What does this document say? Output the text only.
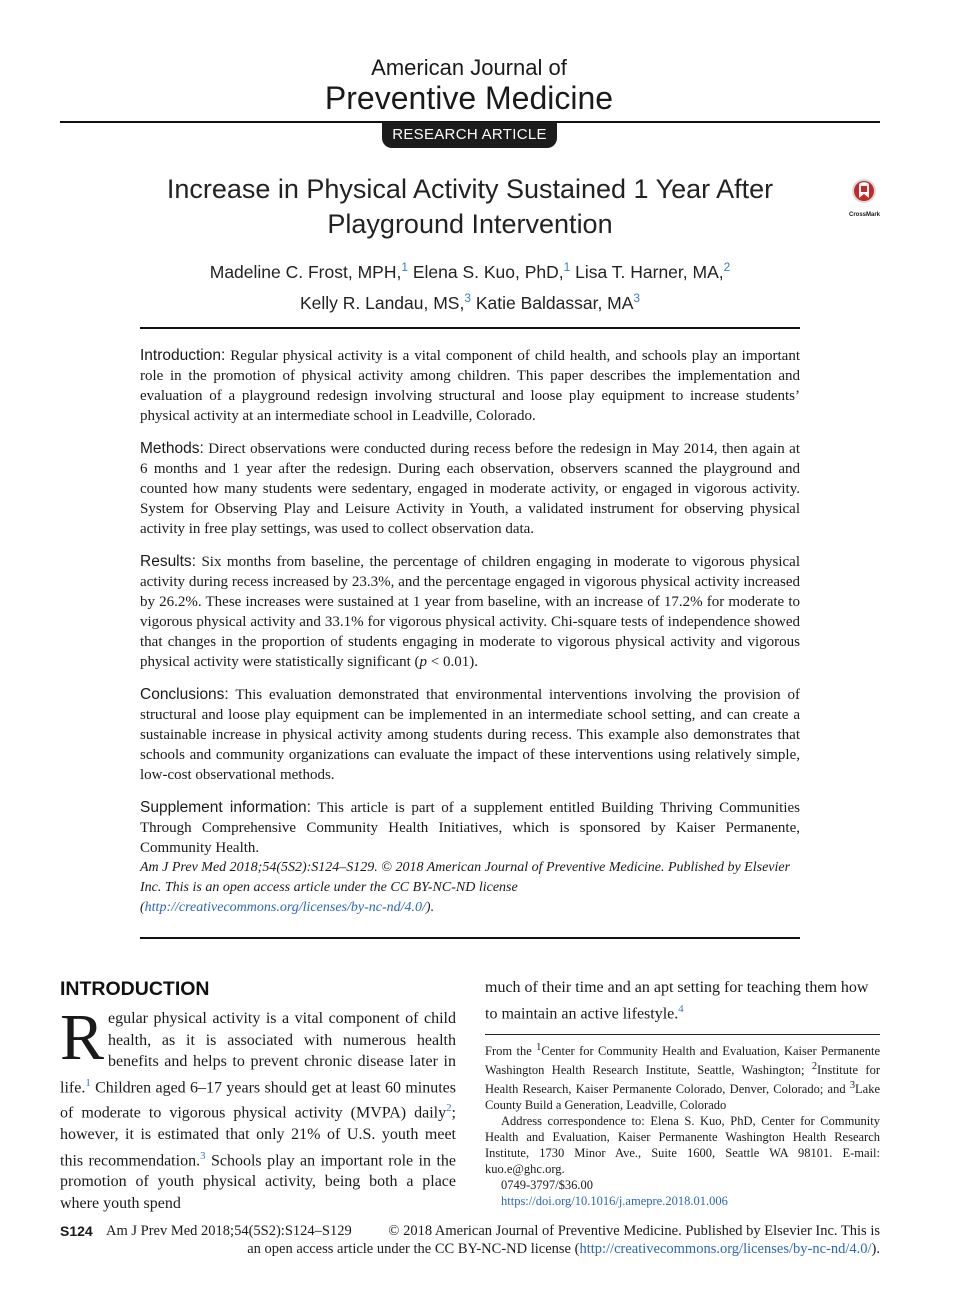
American Journal of
Preventive Medicine
RESEARCH ARTICLE
Increase in Physical Activity Sustained 1 Year After Playground Intervention	CrossMark
Madeline C. Frost, MPH,$^1$ Elena S. Kuo, PhD,$^1$ Lisa T. Harner, MA,$^2$
Kelly R. Landau, MS,$^3$ Katie Baldassar, $MA^3$

Introduction: Regular physical activity is a vital component of child health, and schools play an important role in the promotion of physical activity among children. This paper describes the implementation and evaluation of a playground redesign involving structural and loose play equipment to increase students’ physical activity at an intermediate school in Leadville, Colorado.

Methods: Direct observations were conducted during recess before the redesign in May 2014, then again at 6 months and 1 year after the redesign. During each observation, observers scanned the playground and counted how many students were sedentary, engaged in moderate activity, or engaged in vigorous activity. System for Observing Play and Leisure Activity in Youth, a validated instrument for observing physical activity in free play settings, was used to collect observation data.

Results: Six months from baseline, the percentage of children engaging in moderate to vigorous physical activity during recess increased by 23.3%, and the percentage engaged in vigorous physical activity increased by 26.2%. These increases were sustained at 1 year from baseline, with an increase of 17.2% for moderate to vigorous physical activity and 33.1% for vigorous physical activity. Chi-square tests of independence showed that changes in the proportion of students engaging in moderate to vigorous physical activity and vigorous physical activity were statistically significant (p < 0.01).

Conclusions: This evaluation demonstrated that environmental interventions involving the provision of structural and loose play equipment can be implemented in an intermediate school setting, and can create a sustainable increase in physical activity among students during recess. This example also demonstrates that schools and community organizations can evaluate the impact of these interventions using relatively simple, low-cost observational methods.

Supplement information: This article is part of a supplement entitled Building Thriving Communities Through Comprehensive Community Health Initiatives, which is sponsored by Kaiser Permanente, Community Health.

Am J Prev Med 2018;54(5S2):S124–S129. © 2018 American Journal of Preventive Medicine. Published by Elsevier Inc. This is an open access article under the CC BY-NC-ND license
(http://creativecommons.org/licenses/by-nc-nd/4.0/).

INTRODUCTION
Regular physical activity is a vital component of child health, as it is associated with numerous health benefits and helps to prevent chronic disease later in life.$^1$ Children aged 6–17 years should get at least 60 minutes of moderate to vigorous physical activity (MVPA) daily$^2$; however, it is estimated that only 21% of U.S. youth meet this recommendation.$^3$ Schools play an important role in the promotion of youth physical activity, being both a place where youth spend
much of their time and an apt setting for teaching them how to maintain an active lifestyle.$^4$

From the $^1$Center for Community Health and Evaluation, Kaiser Permanente Washington Health Research Institute, Seattle, Washington; $^2$Institute for Health Research, Kaiser Permanente Colorado, Denver, Colorado; and $^3$Lake County Build a Generation, Leadville, Colorado

Address correspondence to: Elena S. Kuo, PhD, Center for Community Health and Evaluation, Kaiser Permanente Washington Health Research Institute, 1730 Minor Ave., Suite 1600, Seattle WA 98101. E-mail: kuo.e@ghc.org.

0749-3797/$36.00

https://doi.org/10.1016/j.amepre.2018.01.006

S124 Am J Prev Med 2018;54(5S2):S124–S129	© 2018 American Journal of Preventive Medicine. Published by Elsevier Inc. This is
an open access article under the CC BY-NC-ND license (http://creativecommons.org/licenses/by-nc-nd/4.0/).
